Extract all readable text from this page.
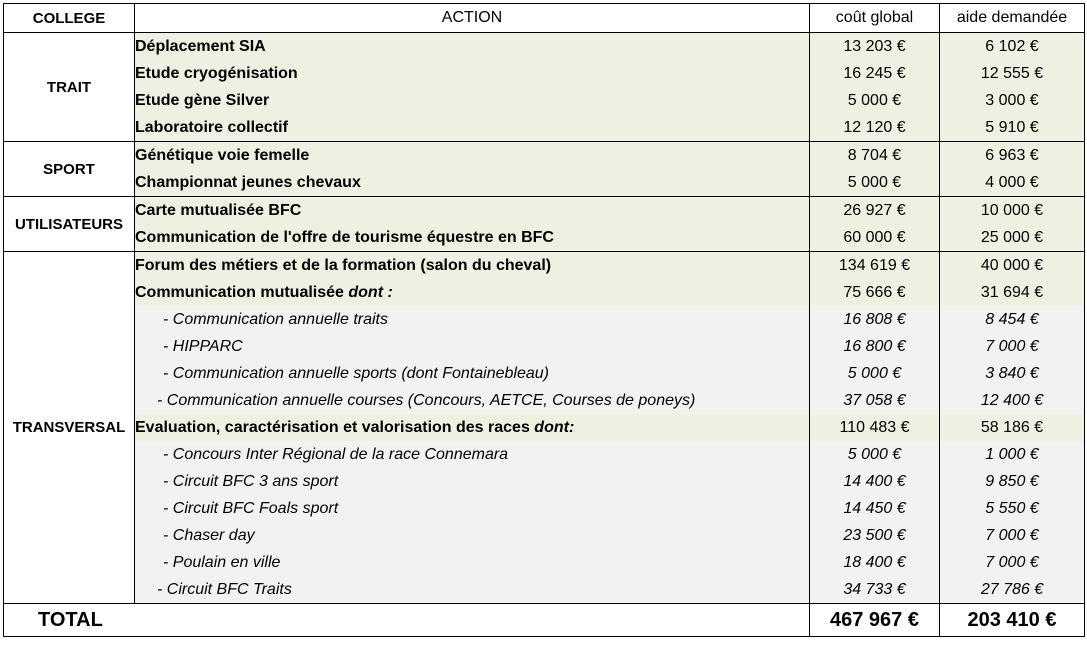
COLLEGE	ACTION	coût global	aide demandée
TRAIT	Déplacement SIA	13 203 €	6 102 €
	Etude cryogénisation	16 245 €	12 555 €
	Etude gène Silver	5 000 €	3 000 €
	Laboratoire collectif	12 120 €	5 910 €
SPORT	Génétique voie femelle	8 704 €	6 963 €
	Championnat jeunes chevaux	5 000 €	4 000 €
UTILISATEURS	Carte mutualisée BFC	26 927 €	10 000 €
	Communication de l'offre de tourisme équestre en BFC	60 000 €	25 000 €
TRANSVERSAL	Forum des métiers et de la formation (salon du cheval)	134 619 €	40 000 €
	Communication mutualisée dont :	75 666 €	31 694 €
	- Communication annuelle traits	16 808 €	8 454 €
	- HIPPARC	16 800 €	7 000 €
	- Communication annuelle sports (dont Fontainebleau)	5 000 €	3 840 €
	- Communication annuelle courses (Concours, AETCE, Courses de poneys)	37 058 €	12 400 €
	Evaluation, caractérisation et valorisation des races dont:	110 483 €	58 186 €
	- Concours Inter Régional de la race Connemara	5 000 €	1 000 €
	- Circuit BFC 3 ans sport	14 400 €	9 850 €
	- Circuit BFC Foals sport	14 450 €	5 550 €
	- Chaser day	23 500 €	7 000 €
	- Poulain en ville	18 400 €	7 000 €
	- Circuit BFC Traits	34 733 €	27 786 €
TOTAL		467 967 €	203 410 €
